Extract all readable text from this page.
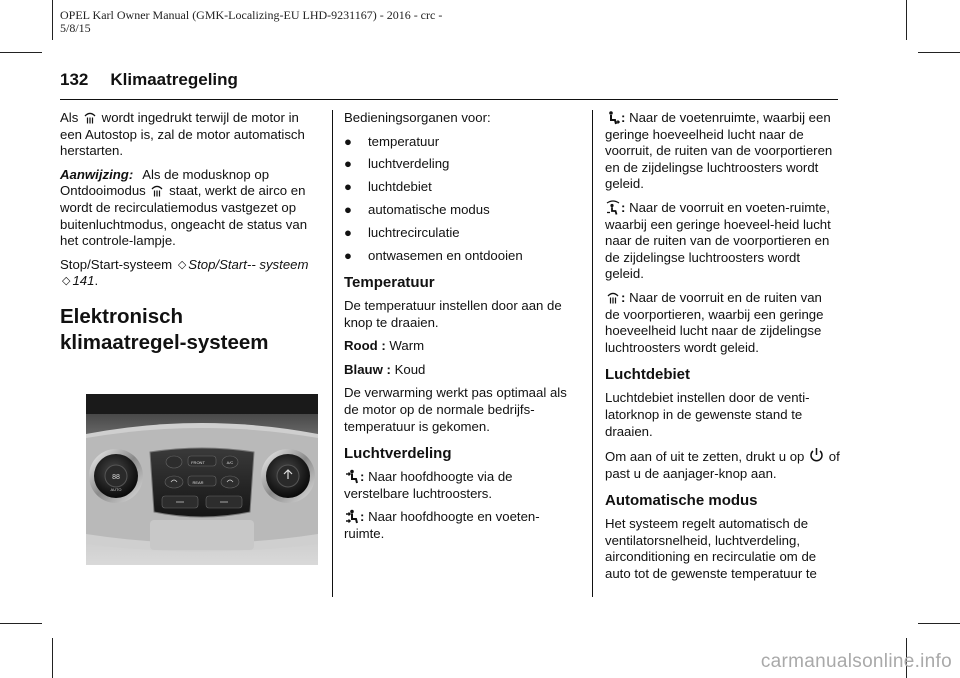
OPEL Karl Owner Manual (GMK-Localizing-EU LHD-9231167) - 2016 - crc -
5/8/15
132 Klimaatregeling

Als wordt ingedrukt terwijl de motor in een Autostop is, zal de motor automatisch herstarten.

Aanwijzing: Als de modusknop op Ontdooimodus staat, werkt de airco en wordt de recirculatiemodus vastgezet op buitenluchtmodus, ongeacht de status van het controle-lampje.

Stop/Start-systeem ◇ Stop/Start-- systeem ◇ 141.

Elektronisch klimaatregel-systeem
88
AUTO
FRONT
REAR
A/C

Bedieningsorganen voor:

● temperatuur
● luchtverdeling
● luchtdebiet
● automatische modus
● luchtrecirculatie
● ontwasemen en ontdooien
Temperatuur

De temperatuur instellen door aan de knop te draaien.

Rood : Warm

Blauw : Koud

De verwarming werkt pas optimaal als de motor op de normale bedrijfs-temperatuur is gekomen.

Luchtverdeling

: Naar hoofdhoogte via de verstelbare luchtroosters.

: Naar hoofdhoogte en voeten-ruimte.

: Naar de voetenruimte, waarbij een geringe hoeveelheid lucht naar de voorruit, de ruiten van de voorportieren en de zijdelingse luchtroosters wordt geleid.

: Naar de voorruit en voeten-ruimte, waarbij een geringe hoeveel-heid lucht naar de ruiten van de voorportieren en de zijdelingse luchtroosters wordt geleid.

: Naar de voorruit en de ruiten van de voorportieren, waarbij een geringe hoeveelheid lucht naar de zijdelingse luchtroosters wordt geleid.

Luchtdebiet

Luchtdebiet instellen door de venti-latorknop in de gewenste stand te draaien.

Om aan of uit te zetten, drukt u op of past u de aanjager-knop aan.

Automatische modus

Het systeem regelt automatisch de ventilatorsnelheid, luchtverdeling, airconditioning en recirculatie om de auto tot de gewenste temperatuur te

carmanualsonline.info
